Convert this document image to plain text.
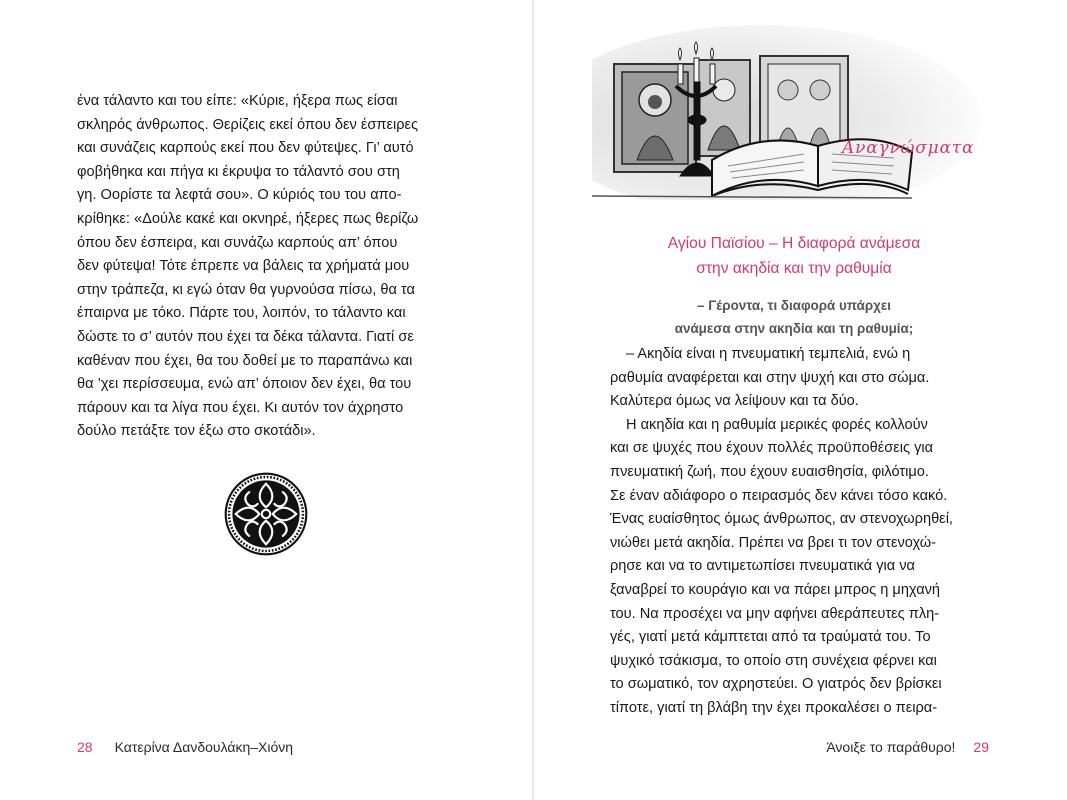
ένα τάλαντο και του είπε: «Κύριε, ήξερα πως είσαι
σκληρός άνθρωπος. Θερίζεις εκεί όπου δεν έσπειρες
και συνάζεις καρπούς εκεί που δεν φύτεψες. Γι’ αυτό
φοβήθηκα και πήγα κι έκρυψα το τάλαντό σου στη
γη. Οορίστε τα λεφτά σου». Ο κύριός του του απο-
κρίθηκε: «Δούλε κακέ και οκνηρέ, ήξερες πως θερίζω
όπου δεν έσπειρα, και συνάζω καρπούς απ’ όπου
δεν φύτεψα! Τότε έπρεπε να βάλεις τα χρήματά μου
στην τράπεζα, κι εγώ όταν θα γυρνούσα πίσω, θα τα
έπαιρνα με τόκο. Πάρτε του, λοιπόν, το τάλαντο και
δώστε το σ’ αυτόν που έχει τα δέκα τάλαντα. Γιατί σε
καθέναν που έχει, θα του δοθεί με το παραπάνω και
θα ’χει περίσσευμα, ενώ απ’ όποιον δεν έχει, θα του
πάρουν και τα λίγα που έχει. Κι αυτόν τον άχρηστο
δούλο πετάξτε τον έξω στο σκοτάδι».

28 Κατερίνα Δανδουλάκη–Χιόνη
Αναγνώσματα
Αγίου Παϊσίου – Η διαφορά ανάμεσα
στην ακηδία και την ραθυμία
– Γέροντα, τι διαφορά υπάρχει
ανάμεσα στην ακηδία και τη ραθυμία;

– Ακηδία είναι η πνευματική τεμπελιά, ενώ η
ραθυμία αναφέρεται και στην ψυχή και στο σώμα.
Καλύτερα όμως να λείψουν και τα δύο.

Η ακηδία και η ραθυμία μερικές φορές κολλούν
και σε ψυχές που έχουν πολλές προϋποθέσεις για
πνευματική ζωή, που έχουν ευαισθησία, φιλότιμο.
Σε έναν αδιάφορο ο πειρασμός δεν κάνει τόσο κακό.
Ένας ευαίσθητος όμως άνθρωπος, αν στενοχωρηθεί,
νιώθει μετά ακηδία. Πρέπει να βρει τι τον στενοχώ-
ρησε και να το αντιμετωπίσει πνευματικά για να
ξαναβρεί το κουράγιο και να πάρει μπρος η μηχανή
του. Να προσέχει να μην αφήνει αθεράπευτες πλη-
γές, γιατί μετά κάμπτεται από τα τραύματά του. Το
ψυχικό τσάκισμα, το οποίο στη συνέχεια φέρνει και
το σωματικό, τον αχρηστεύει. Ο γιατρός δεν βρίσκει
τίποτε, γιατί τη βλάβη την έχει προκαλέσει ο πειρα-

Άνοιξε το παράθυρο! 29
